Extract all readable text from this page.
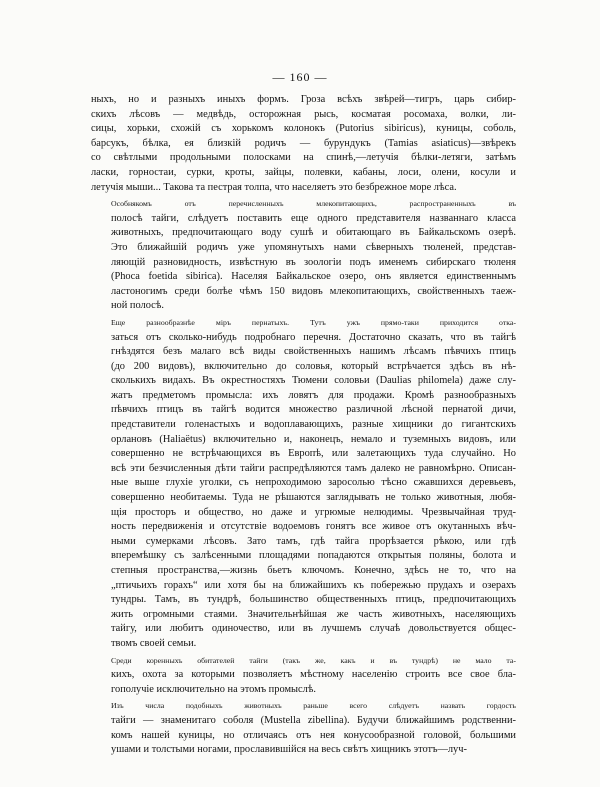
— 160 —

ныхъ, но и разныхъ иныхъ формъ. Гроза всѣхъ звѣрей—тигръ, царь сибир-
скихъ лѣсовъ — медвѣдь, осторожная рысь, косматая росомаха, волки, ли-
сицы, хорьки, схожій съ хорькомъ колонокъ (Putorius sibiricus), куницы, соболь,
барсукъ, бѣлка, ея близкій родичъ — бурундукъ (Tamias asiaticus)—звѣрекъ
со свѣтлыми продольными полосками на спинѣ,—летучія бѣлки-летяги, затѣмъ
ласки, горностаи, сурки, кроты, зайцы, полевки, кабаны, лоси, олени, косули и
летучія мыши... Такова та пестрая толпа, что населяетъ это безбрежное море лѣса.

Особнякомъ отъ перечисленныхъ млекопитающихъ, распространенныхъ въ
полосѣ тайги, слѣдуетъ поставить еще одного представителя названнаго класса
животныхъ, предпочитающаго воду сушѣ и обитающаго въ Байкальскомъ озерѣ.
Это ближайшій родичъ уже упомянутыхъ нами сѣверныхъ тюленей, представ-
ляющій разновидность, извѣстную въ зоологіи подъ именемъ сибирскаго тюленя
(Phoca foetida sibirica). Населяя Байкальское озеро, онъ является единственнымъ
ластоногимъ среди болѣе чѣмъ 150 видовъ млекопитающихъ, свойственныхъ таеж-
ной полосѣ.

Еще разнообразнѣе міръ пернатыхъ. Тутъ ужъ прямо-таки приходится отка-
заться отъ сколько-нибудь подробнаго перечня. Достаточно сказать, что въ тайгѣ
гнѣздятся безъ малаго всѣ виды свойственныхъ нашимъ лѣсамъ пѣвчихъ птицъ
(до 200 видовъ), включительно до соловья, который встрѣчается здѣсь въ нѣ-
сколькихъ видахъ. Въ окрестностяхъ Тюмени соловьи (Daulias philomela) даже слу-
жатъ предметомъ промысла: ихъ ловятъ для продажи. Кромѣ разнообразныхъ
пѣвчихъ птицъ въ тайгѣ водится множество различной лѣсной пернатой дичи,
представители голенастыхъ и водоплавающихъ, разные хищники до гигантскихъ
орлановъ (Haliaëtus) включительно и, наконецъ, немало и туземныхъ видовъ, или
совершенно не встрѣчающихся въ Европѣ, или залетающихъ туда случайно. Но
всѣ эти безчисленныя дѣти тайги распредѣляются тамъ далеко не равномѣрно. Описан-
ные выше глухіе уголки, съ непроходимою заросолью тѣсно сжавшихся деревьевъ,
совершенно необитаемы. Туда не рѣшаются заглядывать не только животныя, любя-
щія просторъ и общество, но даже и угрюмые нелюдимы. Чрезвычайная труд-
ность передвиженія и отсутствіе водоемовъ гонятъ все живое отъ окутанныхъ вѣч-
ными сумерками лѣсовъ. Зато тамъ, гдѣ тайга прорѣзается рѣкою, или гдѣ
вперемѣшку съ залѣсенными площадями попадаются открытыя поляны, болота и
степныя пространства,—жизнь бьетъ ключомъ. Конечно, здѣсь не то, что на
„птичьихъ горахъ“ или хотя бы на ближайшихъ къ побережью прудахъ и озерахъ
тундры. Тамъ, въ тундрѣ, большинство общественныхъ птицъ, предпочитающихъ
жить огромными стаями. Значительнѣйшая же часть животныхъ, населяющихъ
тайгу, или любитъ одиночество, или въ лучшемъ случаѣ довольствуется общес-
твомъ своей семьи.

Среди коренныхъ обитателей тайги (такъ же, какъ и въ тундрѣ) не мало та-
кихъ, охота за которыми позволяетъ мѣстному населенію строить все свое бла-
гополучіе исключительно на этомъ промыслѣ.

Изъ числа подобныхъ животныхъ раньше всего слѣдуетъ назвать гордость
тайги — знаменитаго соболя (Mustella zibellina). Будучи ближайшимъ родственни-
комъ нашей куницы, но отличаясь отъ нея конусообразной головой, большими
ушами и толстыми ногами, прославившійся на весь свѣтъ хищникъ этотъ—луч-
